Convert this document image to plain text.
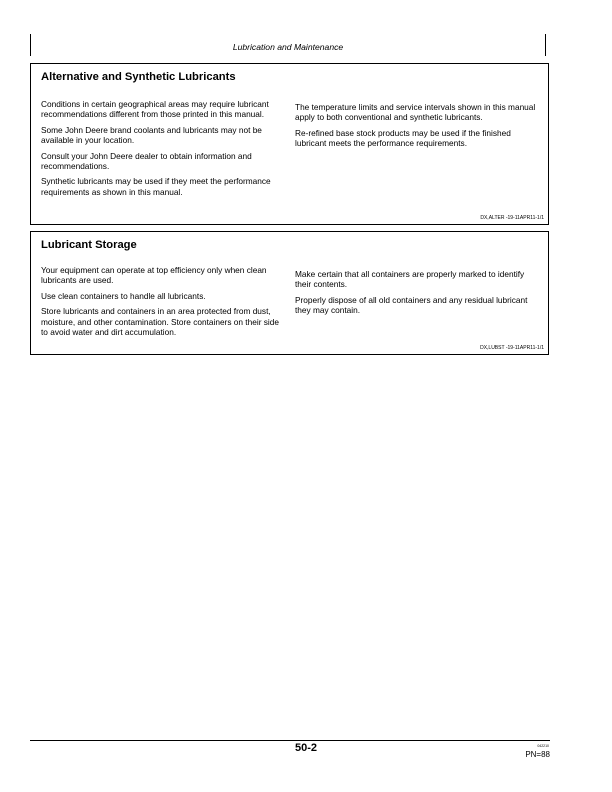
Lubrication and Maintenance
Alternative and Synthetic Lubricants

Conditions in certain geographical areas may require lubricant recommendations different from those printed in this manual.

Some John Deere brand coolants and lubricants may not be available in your location.

Consult your John Deere dealer to obtain information and recommendations.

Synthetic lubricants may be used if they meet the performance requirements as shown in this manual.

The temperature limits and service intervals shown in this manual apply to both conventional and synthetic lubricants.

Re-refined base stock products may be used if the finished lubricant meets the performance requirements.

DX,ALTER -19-11APR11-1/1
Lubricant Storage

Your equipment can operate at top efficiency only when clean lubricants are used.

Use clean containers to handle all lubricants.

Store lubricants and containers in an area protected from dust, moisture, and other contamination. Store containers on their side to avoid water and dirt accumulation.

Make certain that all containers are properly marked to identify their contents.

Properly dispose of all old containers and any residual lubricant they may contain.

DX,LUBST -19-11APR11-1/1
50-2	042210
PN=88
